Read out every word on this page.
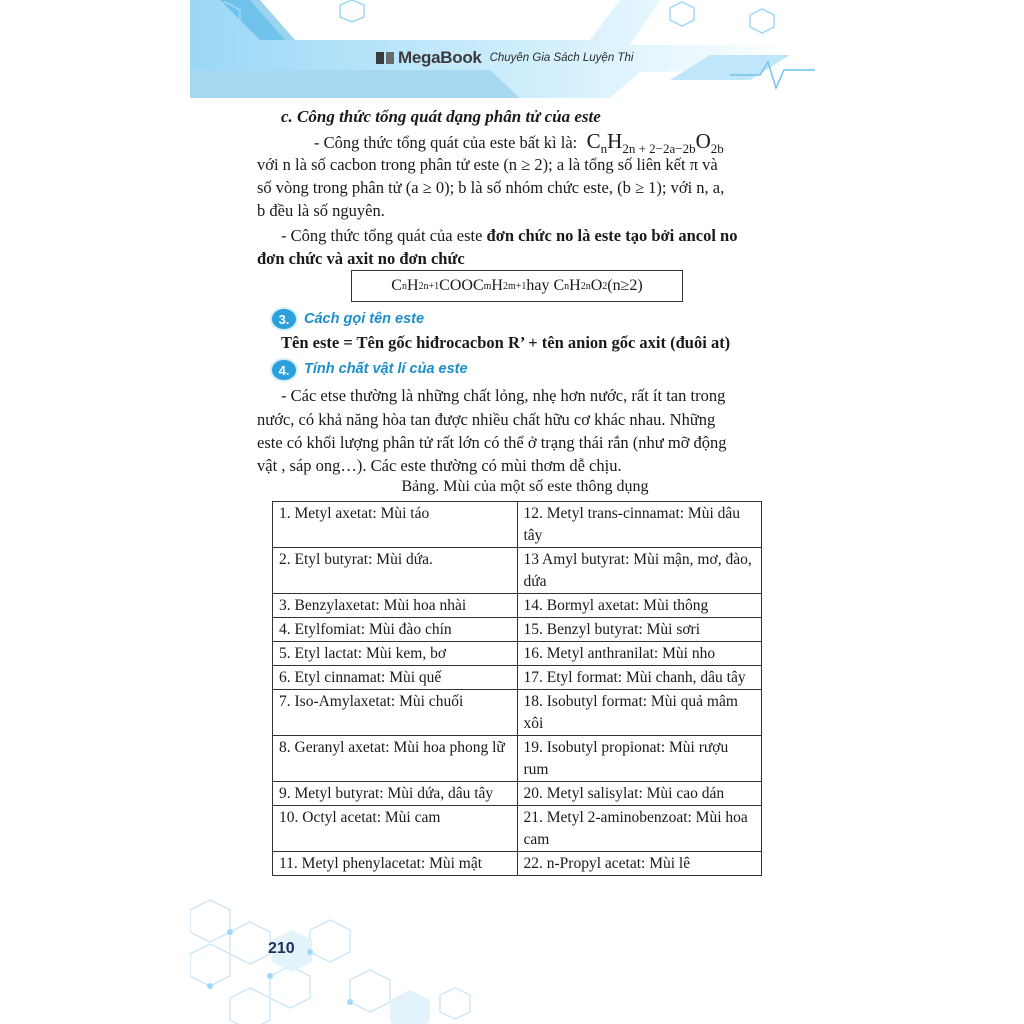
MegaBook Chuyên Gia Sách Luyện Thi
210
c. Công thức tổng quát dạng phân tử của este
- Công thức tổng quát của este bất kì là: $C_nH_{2n + 2-2a-2b}O_{2b}$
với n là số cacbon trong phân tử este (n ≥ 2); a là tổng số liên kết π và
số vòng trong phân tử (a ≥ 0); b là số nhóm chức este, (b ≥ 1); với n, a,
b đều là số nguyên.
- Công thức tổng quát của este đơn chức no là este tạo bởi ancol no
đơn chức và axit no đơn chức
C n H 2n+1 COOC m H 2m+1 hay C n H 2n O 2 (n≥2)
3. Cách gọi tên este
Tên este = Tên gốc hiđrocacbon R’ + tên anion gốc axit (đuôi at)
4. Tính chất vật lí của este
- Các etse thường là những chất lỏng, nhẹ hơn nước, rất ít tan trong
nước, có khả năng hòa tan được nhiều chất hữu cơ khác nhau. Những
este có khối lượng phân tử rất lớn có thể ở trạng thái rắn (như mỡ động
vật , sáp ong…). Các este thường có mùi thơm dễ chịu.
Bảng. Mùi của một số este thông dụng
1. Metyl axetat: Mùi táo	12. Metyl trans-cinnamat: Mùi dâu tây
2. Etyl butyrat: Mùi dứa.	13 Amyl butyrat: Mùi mận, mơ, đào, dứa
3. Benzylaxetat: Mùi hoa nhài	14. Bormyl axetat: Mùi thông
4. Etylfomiat: Mùi đào chín	15. Benzyl butyrat: Mùi sơri
5. Etyl lactat: Mùi kem, bơ	16. Metyl anthranilat: Mùi nho
6. Etyl cinnamat: Mùi quế	17. Etyl format: Mùi chanh, dâu tây
7. Iso-Amylaxetat: Mùi chuối	18. Isobutyl format: Mùi quả mâm xôi
8. Geranyl axetat: Mùi hoa phong lữ	19. Isobutyl propionat: Mùi rượu rum
9. Metyl butyrat: Mùi dứa, dâu tây	20. Metyl salisylat: Mùi cao dán
10. Octyl acetat: Mùi cam	21. Metyl 2-aminobenzoat: Mùi hoa cam
11. Metyl phenylacetat: Mùi mật	22. n-Propyl acetat: Mùi lê
